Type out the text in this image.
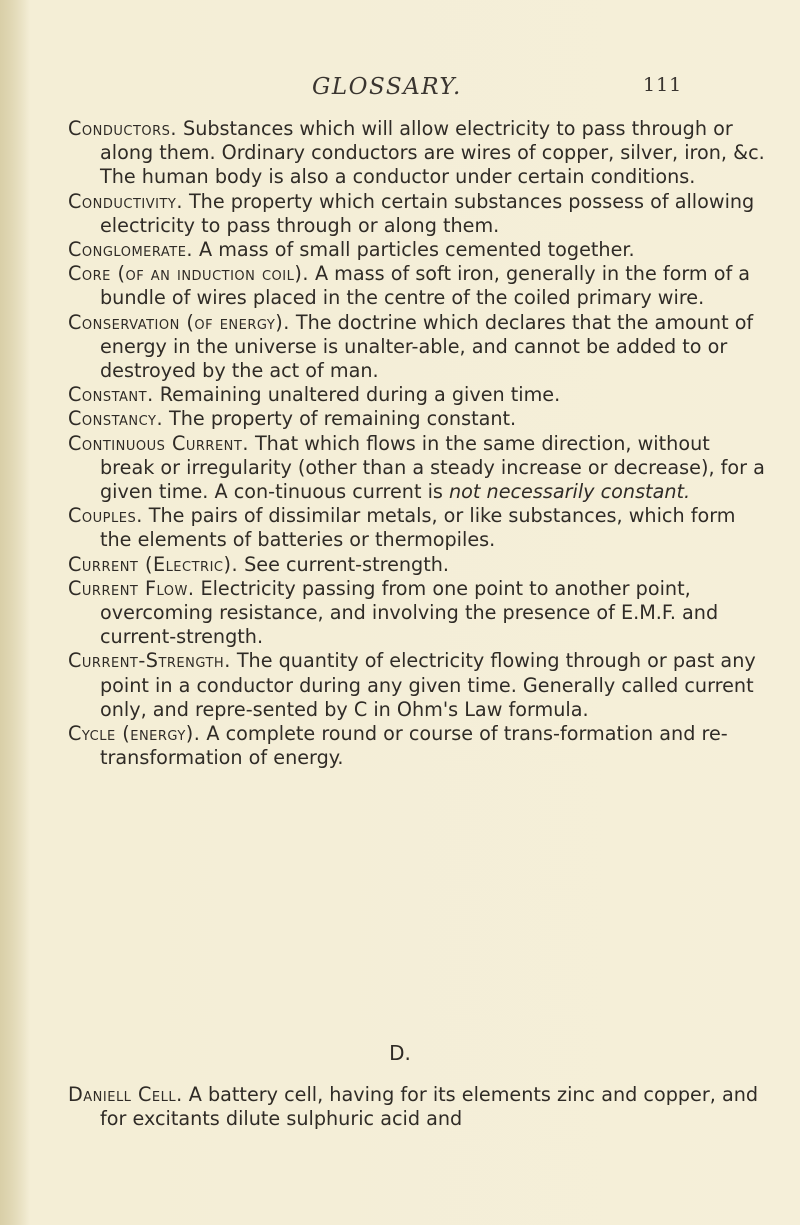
GLOSSARY.	111

Conductors. Substances which will allow electricity to pass through or along them. Ordinary conductors are wires of copper, silver, iron, &c. The human body is also a conductor under certain conditions.

Conductivity. The property which certain substances possess of allowing electricity to pass through or along them.

Conglomerate. A mass of small particles cemented together.

Core (of an induction coil). A mass of soft iron, generally in the form of a bundle of wires placed in the centre of the coiled primary wire.

Conservation (of energy). The doctrine which declares that the amount of energy in the universe is unalter-able, and cannot be added to or destroyed by the act of man.

Constant. Remaining unaltered during a given time.

Constancy. The property of remaining constant.

Continuous Current. That which flows in the same direction, without break or irregularity (other than a steady increase or decrease), for a given time. A con-tinuous current is not necessarily constant.

Couples. The pairs of dissimilar metals, or like substances, which form the elements of batteries or thermopiles.

Current (Electric). See current-strength.

Current Flow. Electricity passing from one point to another point, overcoming resistance, and involving the presence of E.M.F. and current-strength.

Current-Strength. The quantity of electricity flowing through or past any point in a conductor during any given time. Generally called current only, and repre-sented by C in Ohm's Law formula.

Cycle (energy). A complete round or course of trans-formation and re-transformation of energy.

D.

Daniell Cell. A battery cell, having for its elements zinc and copper, and for excitants dilute sulphuric acid and
